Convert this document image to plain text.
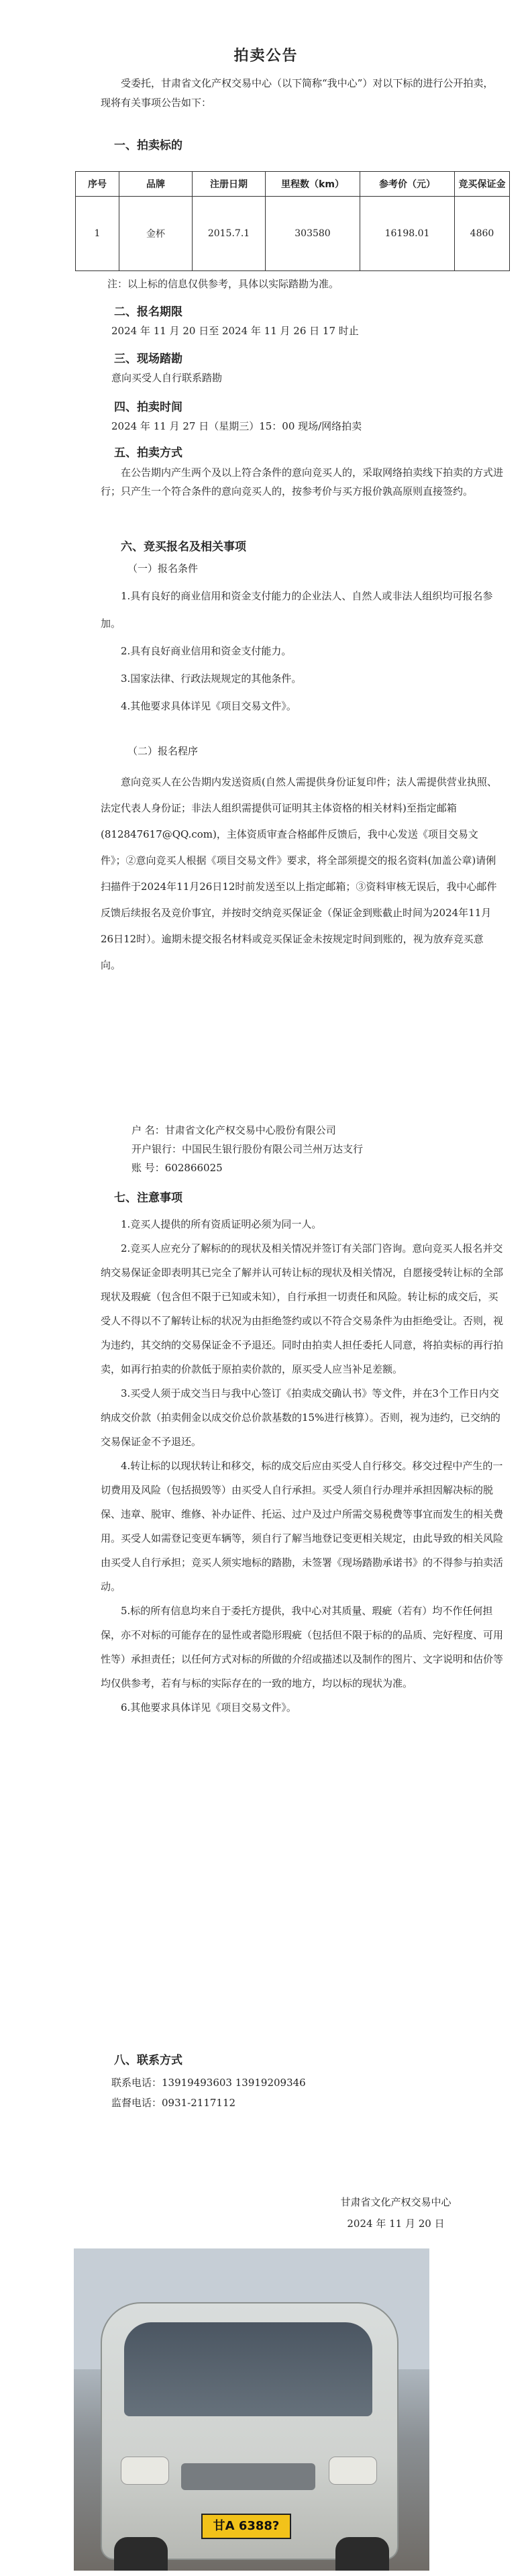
拍卖公告
受委托，甘肃省文化产权交易中心（以下简称“我中心”）对以下标的进行公开拍卖，现将有关事项公告如下：
一、拍卖标的
序号	品牌	注册日期	里程数（km）	参考价（元）	竞买保证金
1	金杯	2015.7.1	303580	16198.01	4860
注：以上标的信息仅供参考，具体以实际踏勘为准。
二、报名期限
2024 年 11 月 20 日至 2024 年 11 月 26 日 17 时止
三、现场踏勘
意向买受人自行联系踏勘
四、拍卖时间
2024 年 11 月 27 日（星期三）15：00 现场/网络拍卖
五、拍卖方式
在公告期内产生两个及以上符合条件的意向竞买人的，采取网络拍卖线下拍卖的方式进行；只产生一个符合条件的意向竞买人的，按参考价与买方报价孰高原则直接签约。
六、竞买报名及相关事项
（一）报名条件

1.具有良好的商业信用和资金支付能力的企业法人、自然人或非法人组织均可报名参加。

2.具有良好商业信用和资金支付能力。

3.国家法律、行政法规规定的其他条件。

4.其他要求具体详见《项目交易文件》。

（二）报名程序

意向竞买人在公告期内发送资质(自然人需提供身份证复印件；法人需提供营业执照、法定代表人身份证；非法人组织需提供可证明其主体资格的相关材料)至指定邮箱(812847617@QQ.com)，主体资质审查合格邮件反馈后，我中心发送《项目交易文件》；②意向竞买人根据《项目交易文件》要求，将全部须提交的报名资料(加盖公章)请俐扫描件于2024年11月26日12时前发送至以上指定邮箱；③资料审核无误后，我中心邮件反馈后续报名及竞价事宜，并按时交纳竞买保证金（保证金到账截止时间为2024年11月26日12时）。逾期未提交报名材料或竞买保证金未按规定时间到账的，视为放弃竞买意向。

户 名：甘肃省文化产权交易中心股份有限公司
开户银行：中国民生银行股份有限公司兰州万达支行
账 号：602866025
七、注意事项

1.竞买人提供的所有资质证明必须为同一人。

2.竞买人应充分了解标的的现状及相关情况并签订有关部门咨询。意向竞买人报名并交纳交易保证金即表明其已完全了解并认可转让标的现状及相关情况，自愿接受转让标的全部现状及瑕疵（包含但不限于已知或未知），自行承担一切责任和风险。转让标的成交后，买受人不得以不了解转让标的状况为由拒绝签约或以不符合交易条件为由拒绝受让。否则，视为违约，其交纳的交易保证金不予退还。同时由拍卖人担任委托人同意，将拍卖标的再行拍卖，如再行拍卖的价款低于原拍卖价款的，原买受人应当补足差额。

3.买受人须于成交当日与我中心签订《拍卖成交确认书》等文件，并在3个工作日内交纳成交价款（拍卖佣金以成交价总价款基数的15%进行核算）。否则，视为违约，已交纳的交易保证金不予退还。

4.转让标的以现状转让和移交，标的成交后应由买受人自行移交。移交过程中产生的一切费用及风险（包括损毁等）由买受人自行承担。买受人须自行办理并承担因解决标的脱保、违章、脱审、维修、补办证件、托运、过户及过户所需交易税费等事宜而发生的相关费用。买受人如需登记变更车辆等，须自行了解当地登记变更相关规定，由此导致的相关风险由买受人自行承担；竞买人须实地标的踏勘，未签署《现场踏勘承诺书》的不得参与拍卖活动。

5.标的所有信息均来自于委托方提供，我中心对其质量、瑕疵（若有）均不作任何担保，亦不对标的可能存在的显性或者隐形瑕疵（包括但不限于标的的品质、完好程度、可用性等）承担责任；以任何方式对标的所做的介绍或描述以及制作的图片、文字说明和估价等均仅供参考，若有与标的实际存在的一致的地方，均以标的现状为准。

6.其他要求具体详见《项目交易文件》。

八、联系方式
联系电话：13919493603 13919209346
监督电话：0931-2117112
甘肃省文化产权交易中心
2024 年 11 月 20 日
甘A 6388?
